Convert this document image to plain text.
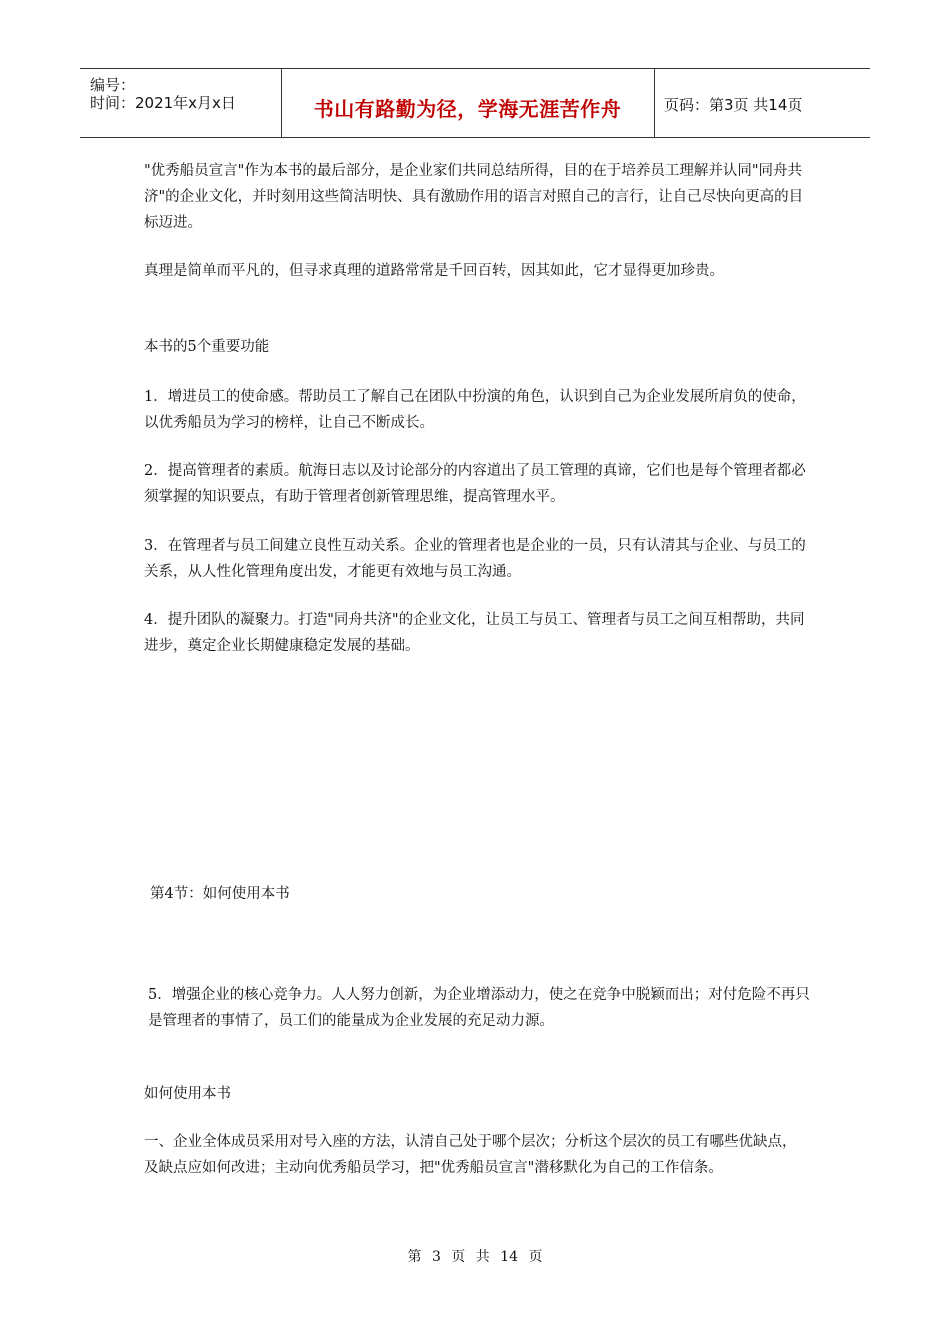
编号：
时间：2021年x月x日	书山有路勤为径，学海无涯苦作舟	页码：第3页 共14页

"优秀船员宣言"作为本书的最后部分，是企业家们共同总结所得，目的在于培养员工理解并认同"同舟共济"的企业文化，并时刻用这些简洁明快、具有激励作用的语言对照自己的言行，让自己尽快向更高的目标迈进。

真理是简单而平凡的，但寻求真理的道路常常是千回百转，因其如此，它才显得更加珍贵。

本书的5个重要功能

1．增进员工的使命感。帮助员工了解自己在团队中扮演的角色，认识到自己为企业发展所肩负的使命，以优秀船员为学习的榜样，让自己不断成长。

2．提高管理者的素质。航海日志以及讨论部分的内容道出了员工管理的真谛，它们也是每个管理者都必须掌握的知识要点，有助于管理者创新管理思维，提高管理水平。

3．在管理者与员工间建立良性互动关系。企业的管理者也是企业的一员，只有认清其与企业、与员工的关系，从人性化管理角度出发，才能更有效地与员工沟通。

4．提升团队的凝聚力。打造"同舟共济"的企业文化，让员工与员工、管理者与员工之间互相帮助，共同进步，奠定企业长期健康稳定发展的基础。

第4节：如何使用本书

5．增强企业的核心竞争力。人人努力创新，为企业增添动力，使之在竞争中脱颖而出；对付危险不再只是管理者的事情了，员工们的能量成为企业发展的充足动力源。

如何使用本书

一、企业全体成员采用对号入座的方法，认清自己处于哪个层次；分析这个层次的员工有哪些优缺点，及缺点应如何改进；主动向优秀船员学习，把"优秀船员宣言"潜移默化为自己的工作信条。

第 3 页 共 14 页
